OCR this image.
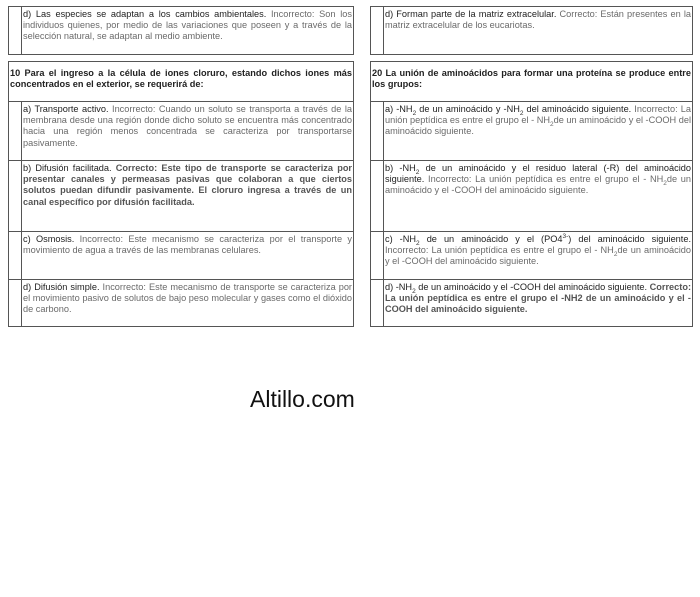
	d) Las especies se adaptan a los cambios ambientales. Incorrecto: Son los individuos quienes, por medio de las variaciones que poseen y a través de la selección natural, se adaptan al medio ambiente.

10 Para el ingreso a la célula de iones cloruro, estando dichos iones más concentrados en el exterior, se requerirá de:	
	a) Transporte activo. Incorrecto: Cuando un soluto se transporta a través de la membrana desde una región donde dicho soluto se encuentra más concentrado hacia una región menos concentrada se caracteriza por transportarse pasivamente.
	b) Difusión facilitada. Correcto: Este tipo de transporte se caracteriza por presentar canales y permeasas pasivas que colaboran a que ciertos solutos puedan difundir pasivamente. El cloruro ingresa a través de un canal específico por difusión facilitada.
	c) Osmosis. Incorrecto: Este mecanismo se caracteriza por el transporte y movimiento de agua a través de las membranas celulares.
	d) Difusión simple. Incorrecto: Este mecanismo de transporte se caracteriza por el movimiento pasivo de solutos de bajo peso molecular y gases como el dióxido de carbono.
	d) Forman parte de la matriz extracelular. Correcto: Están presentes en la matriz extracelular de los eucariotas.

20 La unión de aminoácidos para formar una proteína se produce entre los grupos:	
	a) $-NH_2$ de un aminoácido y $-NH_2$ del aminoácido siguiente. Incorrecto: La unión peptídica es entre el grupo el - $NH_2de$ un aminoácido y el -COOH del aminoácido siguiente.
	b) $-NH_2$ de un aminoácido y el residuo lateral (-R) del aminoácido siguiente. Incorrecto: La unión peptídica es entre el grupo el - $NH_2de$ un aminoácido y el -COOH del aminoácido siguiente.
	c) $-NH_2$ de un aminoácido y el $(PO4^{3-})$ del aminoácido siguiente. Incorrecto: La unión peptídica es entre el grupo el - $NH_2de$ un aminoácido y el -COOH del aminoácido siguiente.
	d) $-NH_2$ de un aminoácido y el -COOH del aminoácido siguiente. Correcto: La unión peptídica es entre el grupo el -NH2 de un aminoácido y el -COOH del aminoácido siguiente.
Altillo.com
